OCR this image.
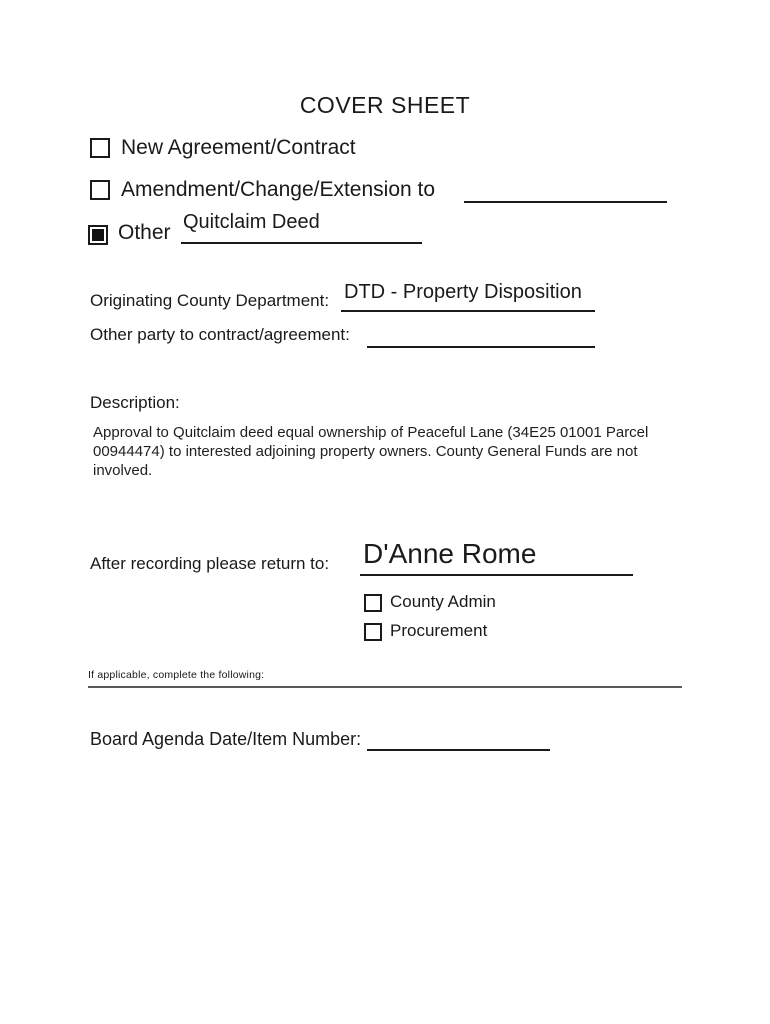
COVER SHEET
New Agreement/Contract
Amendment/Change/Extension to
Other Quitclaim Deed
Originating County Department: DTD - Property Disposition
Other party to contract/agreement:
Description:
Approval to Quitclaim deed equal ownership of Peaceful Lane (34E25 01001 Parcel 00944474) to interested adjoining property owners. County General Funds are not involved.
After recording please return to: D'Anne Rome
County Admin
Procurement
If applicable, complete the following:
Board Agenda Date/Item Number:
